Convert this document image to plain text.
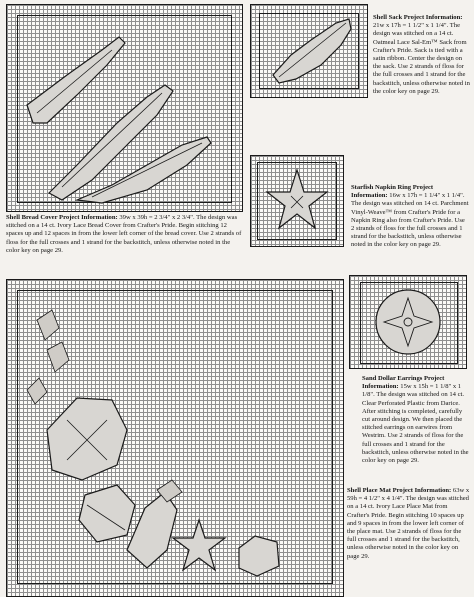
Shell Bread Cover Project Information: 39w x 39h = 2 3/4" x 2 3/4". The design was stitched on a 14 ct. Ivory Lace Bread Cover from Crafter's Pride. Begin stitching 12 spaces up and 12 spaces in from the lower left corner of the bread cover. Use 2 strands of floss for the full crosses and 1 strand for the backstitch, unless otherwise noted in the color key on page 29.
Shell Sack Project Information: 21w x 17h = 1 1/2" x 1 1/4". The design was stitched on a 14 ct. Oatmeal Lace Sal-Em™ Sack from Crafter's Pride. Sack is tied with a satin ribbon. Center the design on the sack. Use 2 strands of floss for the full crosses and 1 strand for the backstitch, unless otherwise noted in the color key on page 29.
Starfish Napkin Ring Project Information: 16w x 17h = 1 1/4" x 1 1/4". The design was stitched on 14 ct. Parchment Vinyl-Weave™ from Crafter's Pride for a Napkin Ring also from Crafter's Pride. Use 2 strands of floss for the full crosses and 1 strand for the backstitch, unless otherwise noted in the color key on page 29.
Sand Dollar Earrings Project Information: 15w x 15h = 1 1/8" x 1 1/8". The design was stitched on 14 ct. Clear Perforated Plastic from Darice. After stitching is completed, carefully cut around design. We then placed the stitched earrings on earwires from Westrim. Use 2 strands of floss for the full crosses and 1 strand for the backstitch, unless otherwise noted in the color key on page 29.
Shell Place Mat Project Information: 63w x 59h = 4 1/2" x 4 1/4". The design was stitched on a 14 ct. Ivory Lace Place Mat from Crafter's Pride. Begin stitching 10 spaces up and 9 spaces in from the lower left corner of the place mat. Use 2 strands of floss for the full crosses and 1 strand for the backstitch, unless otherwise noted in the color key on page 29.
